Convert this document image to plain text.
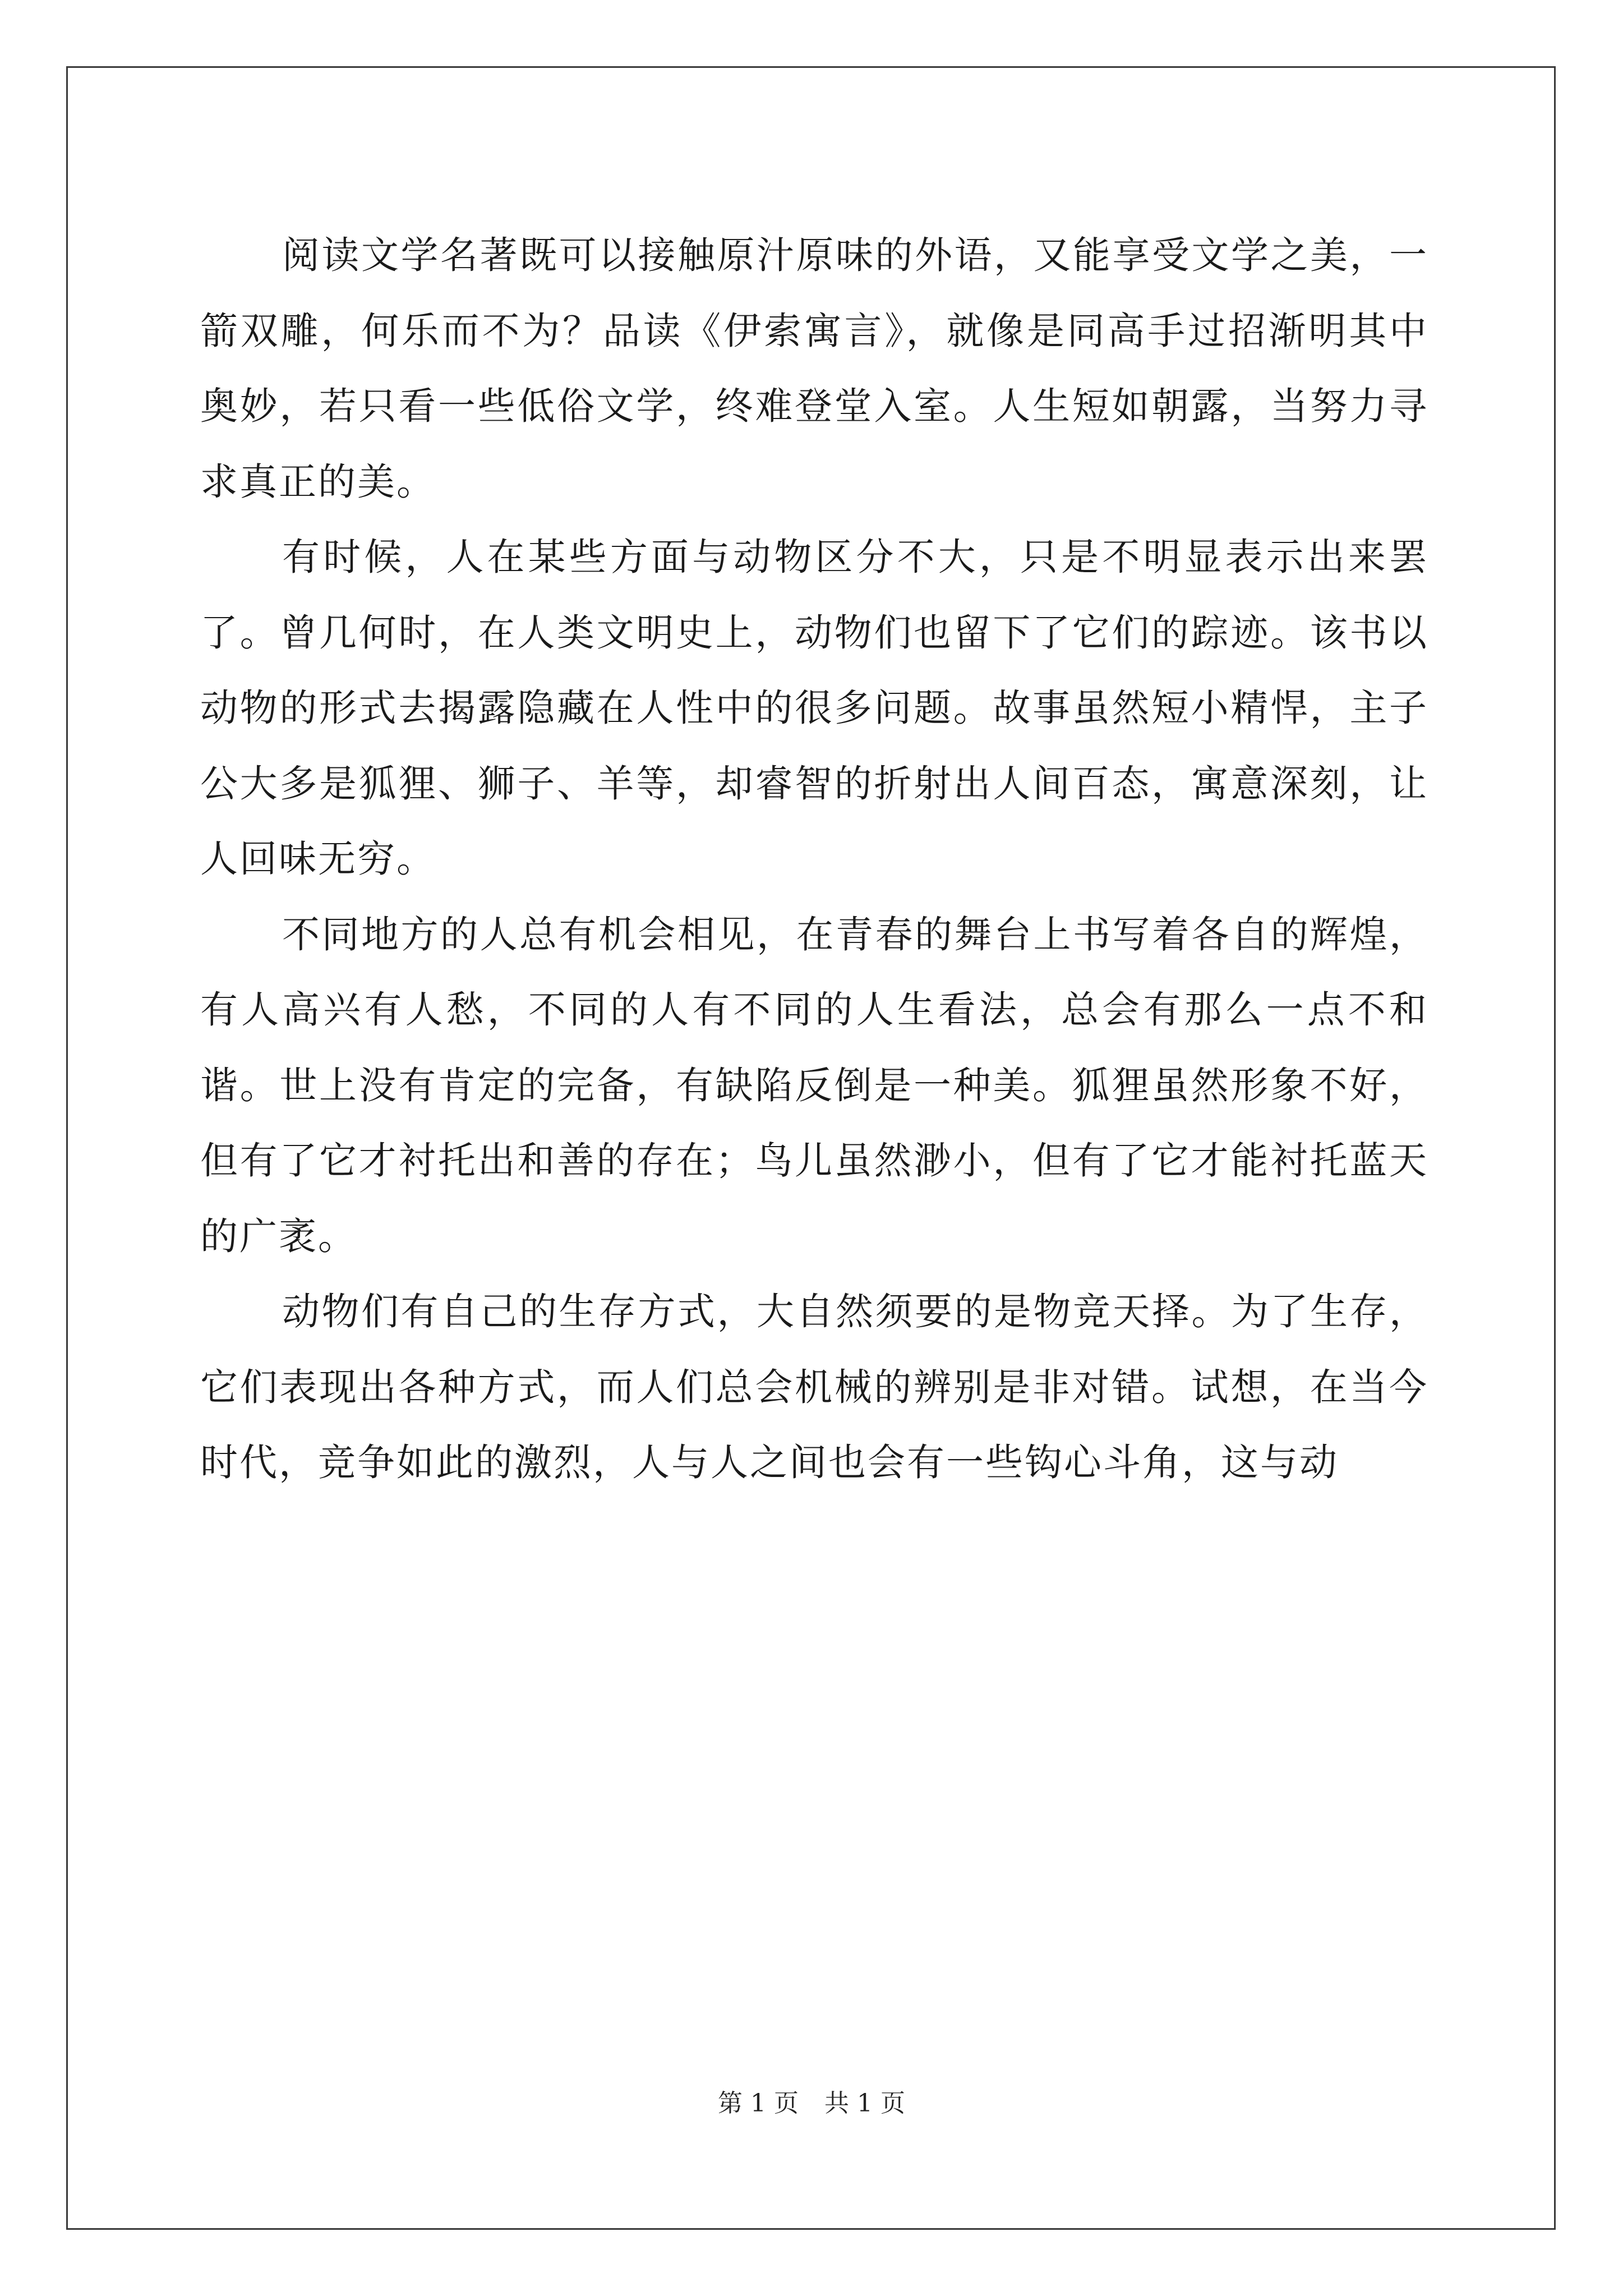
阅读文学名著既可以接触原汁原味的外语，又能享受文学之美，一箭双雕，何乐而不为？品读《伊索寓言》，就像是同高手过招渐明其中奥妙，若只看一些低俗文学，终难登堂入室。人生短如朝露，当努力寻求真正的美。

有时候，人在某些方面与动物区分不大，只是不明显表示出来罢了。曾几何时，在人类文明史上，动物们也留下了它们的踪迹。该书以动物的形式去揭露隐藏在人性中的很多问题。故事虽然短小精悍，主子公大多是狐狸、狮子、羊等，却睿智的折射出人间百态，寓意深刻，让人回味无穷。

不同地方的人总有机会相见，在青春的舞台上书写着各自的辉煌，有人高兴有人愁，不同的人有不同的人生看法，总会有那么一点不和谐。世上没有肯定的完备，有缺陷反倒是一种美。狐狸虽然形象不好，但有了它才衬托出和善的存在；鸟儿虽然渺小，但有了它才能衬托蓝天的广袤。

动物们有自己的生存方式，大自然须要的是物竞天择。为了生存，它们表现出各种方式，而人们总会机械的辨别是非对错。试想，在当今时代，竞争如此的激烈，人与人之间也会有一些钩心斗角，这与动

第 1 页 共 1 页
